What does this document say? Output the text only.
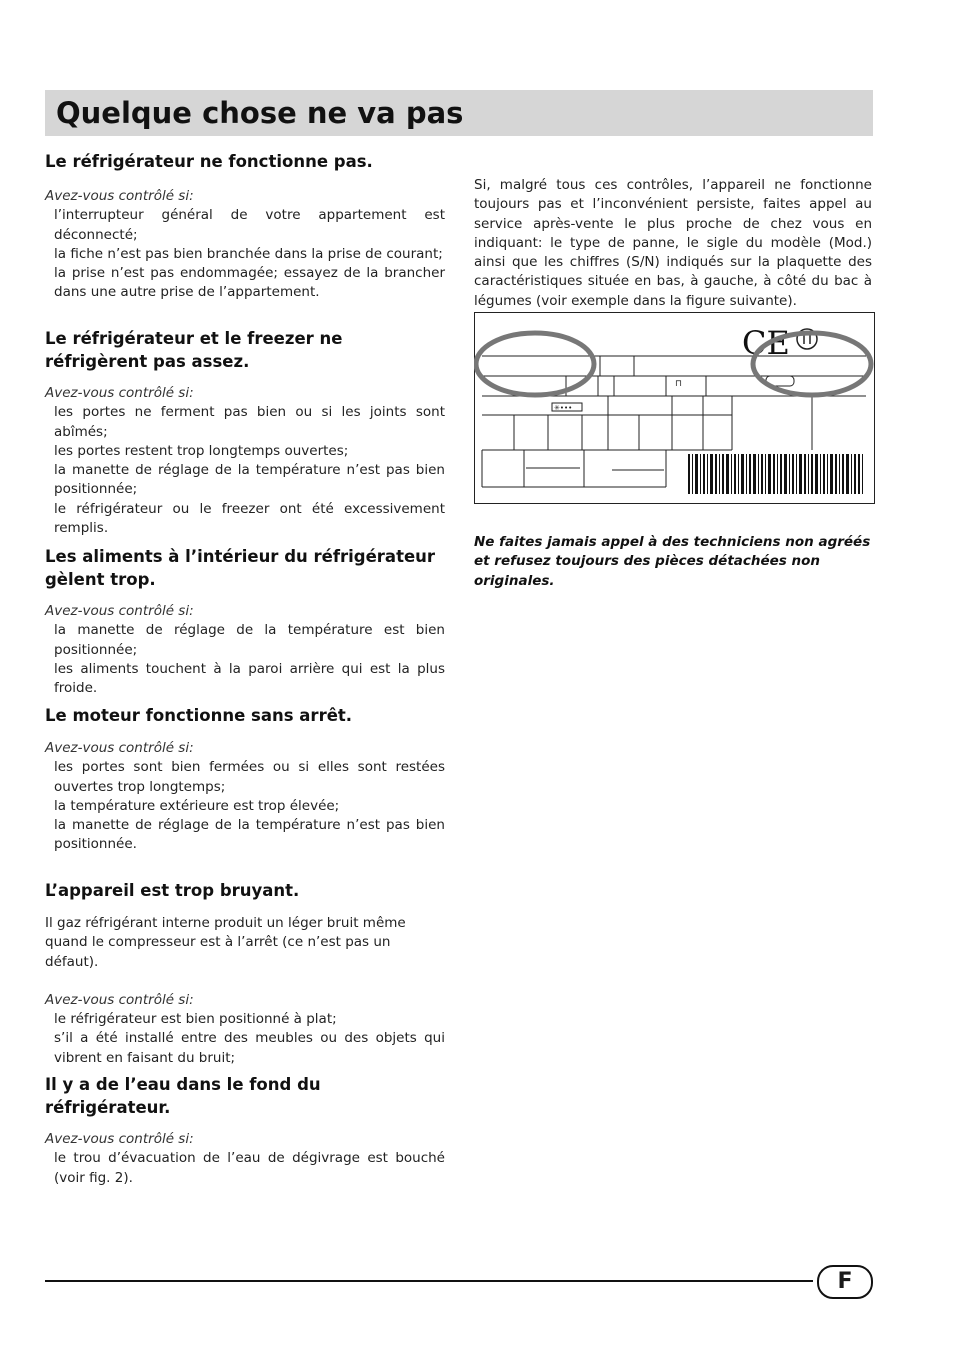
Quelque chose ne va pas
Le réfrigérateur ne fonctionne pas.
Avez-vous contrôlé si:
l’interrupteur général de votre appartement est déconnecté;
la fiche n’est pas bien branchée dans la prise de courant;
la prise n’est pas endommagée; essayez de la brancher dans une autre prise de l’appartement.
Le réfrigérateur et le freezer ne réfrigèrent pas assez.
Avez-vous contrôlé si:
les portes ne ferment pas bien ou si les joints sont abîmés;
les portes restent trop longtemps ouvertes;
la manette de réglage de la température n’est pas bien positionnée;
le réfrigérateur ou le freezer ont été excessivement remplis.
Les aliments à l’intérieur du réfrigérateur gèlent trop.
Avez-vous contrôlé si:
la manette de réglage de la température est bien positionnée;
les aliments touchent à la paroi arrière qui est la plus froide.
Le moteur fonctionne sans arrêt.
Avez-vous contrôlé si:
les portes sont bien fermées ou si elles sont restées ouvertes trop longtemps;
la température extérieure est trop élevée;
la manette de réglage de la température n’est pas bien positionnée.
L’appareil est trop bruyant.

Il gaz réfrigérant interne produit un léger bruit même quand le compresseur est à l’arrêt (ce n’est pas un défaut).

Avez-vous contrôlé si:
le réfrigérateur est bien positionné à plat;
s’il a été installé entre des meubles ou des objets qui vibrent en faisant du bruit;
Il y a de l’eau dans le fond du réfrigérateur.
Avez-vous contrôlé si:
le trou d’évacuation de l’eau de dégivrage est bouché (voir fig. 2).

Si, malgré tous ces contrôles, l’appareil ne fonctionne toujours pas et l’inconvénient persiste, faites appel au service après-vente le plus proche de chez vous en indiquant: le type de panne, le sigle du modèle (Mod.) ainsi que les chiffres (S/N) indiqués sur la plaquette des caractéristiques située en bas, à gauche, à côté du bac à légumes (voir exemple dans la figure suivante).

✳•••
⊓
CE
Ne faites jamais appel à des techniciens non agréés et refusez toujours des pièces détachées non originales.
F
